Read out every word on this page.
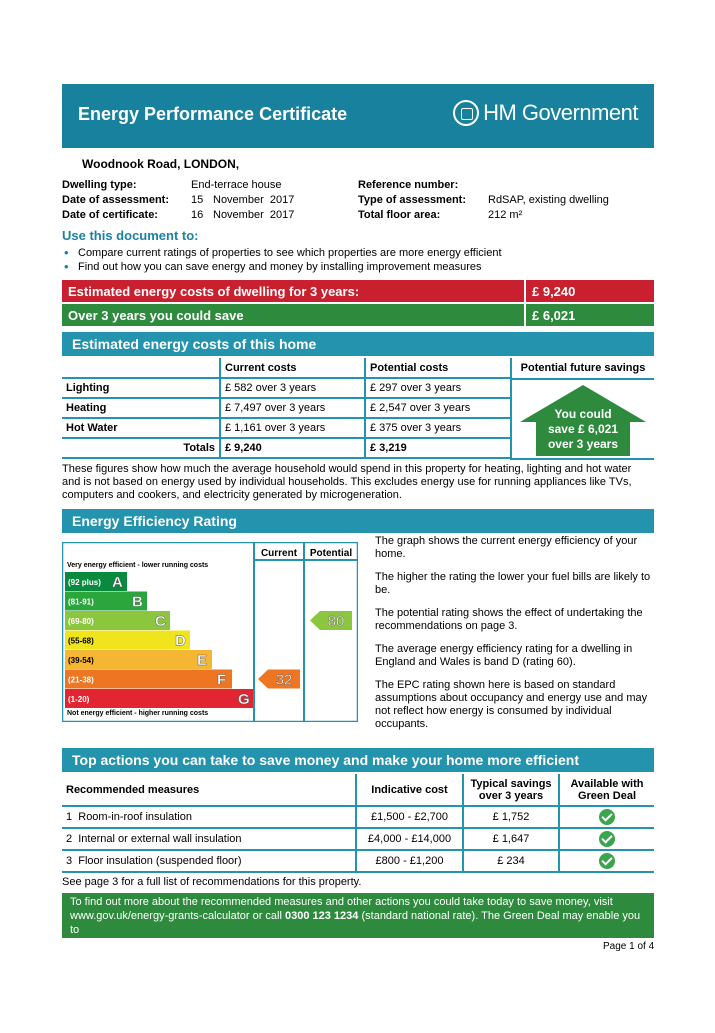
Energy Performance Certificate	HM Government
Woodnook Road, LONDON,
Dwelling type:	End-terrace house
Date of assessment: 15 November  2017
Date of certificate:	16 November  2017
Reference number:
Type of assessment: RdSAP, existing dwelling
Total floor area:	212 m²
Use this document to:
• Compare current ratings of properties to see which properties are more energy efficient
• Find out how you can save energy and money by installing improvement measures
Estimated energy costs of dwelling for 3 years:	£ 9,240
Over 3 years you could save	£ 6,021
Estimated energy costs of this home
	Current costs	Potential costs
Lighting	£ 582 over 3 years	£ 297 over 3 years
Heating	£ 7,497 over 3 years	£ 2,547 over 3 years
Hot Water	£ 1,161 over 3 years	£ 375 over 3 years
Totals	£ 9,240	£ 3,219
Potential future savings
You could
save £ 6,021
over 3 years
These figures show how much the average household would spend in this property for heating, lighting and hot water and is not based on energy used by individual households. This excludes energy use for running appliances like TVs, computers and cookers, and electricity generated by microgeneration.
Energy Efficiency Rating
Current Potential
Very energy efficient - lower running costs
Not energy efficient - higher running costs
(92 plus) A
(81-91)	B
(69-80)	C
(55-68)	D
(39-54)	E
(21-38)	F
(1-20)	G
32
80

The graph shows the current energy efficiency of your home.

The higher the rating the lower your fuel bills are likely to be.

The potential rating shows the effect of undertaking the recommendations on page 3.

The average energy efficiency rating for a dwelling in England and Wales is band D (rating 60).

The EPC rating shown here is based on standard assumptions about occupancy and energy use and may not reflect how energy is consumed by individual occupants.

Top actions you can take to save money and make your home more efficient
Recommended measures	Indicative cost	Typical savings over 3 years	Available with Green Deal
1 Room-in-roof insulation	£1,500 - £2,700	£ 1,752	
2 Internal or external wall insulation	£4,000 - £14,000	£ 1,647	
3 Floor insulation (suspended floor)	£800 - £1,200	£ 234	
See page 3 for a full list of recommendations for this property.
To find out more about the recommended measures and other actions you could take today to save money, visit
www.gov.uk/energy-grants-calculator or call 0300 123 1234 (standard national rate). The Green Deal may enable you to
make your home warmer and cheaper to run.	Page 1 of 4
